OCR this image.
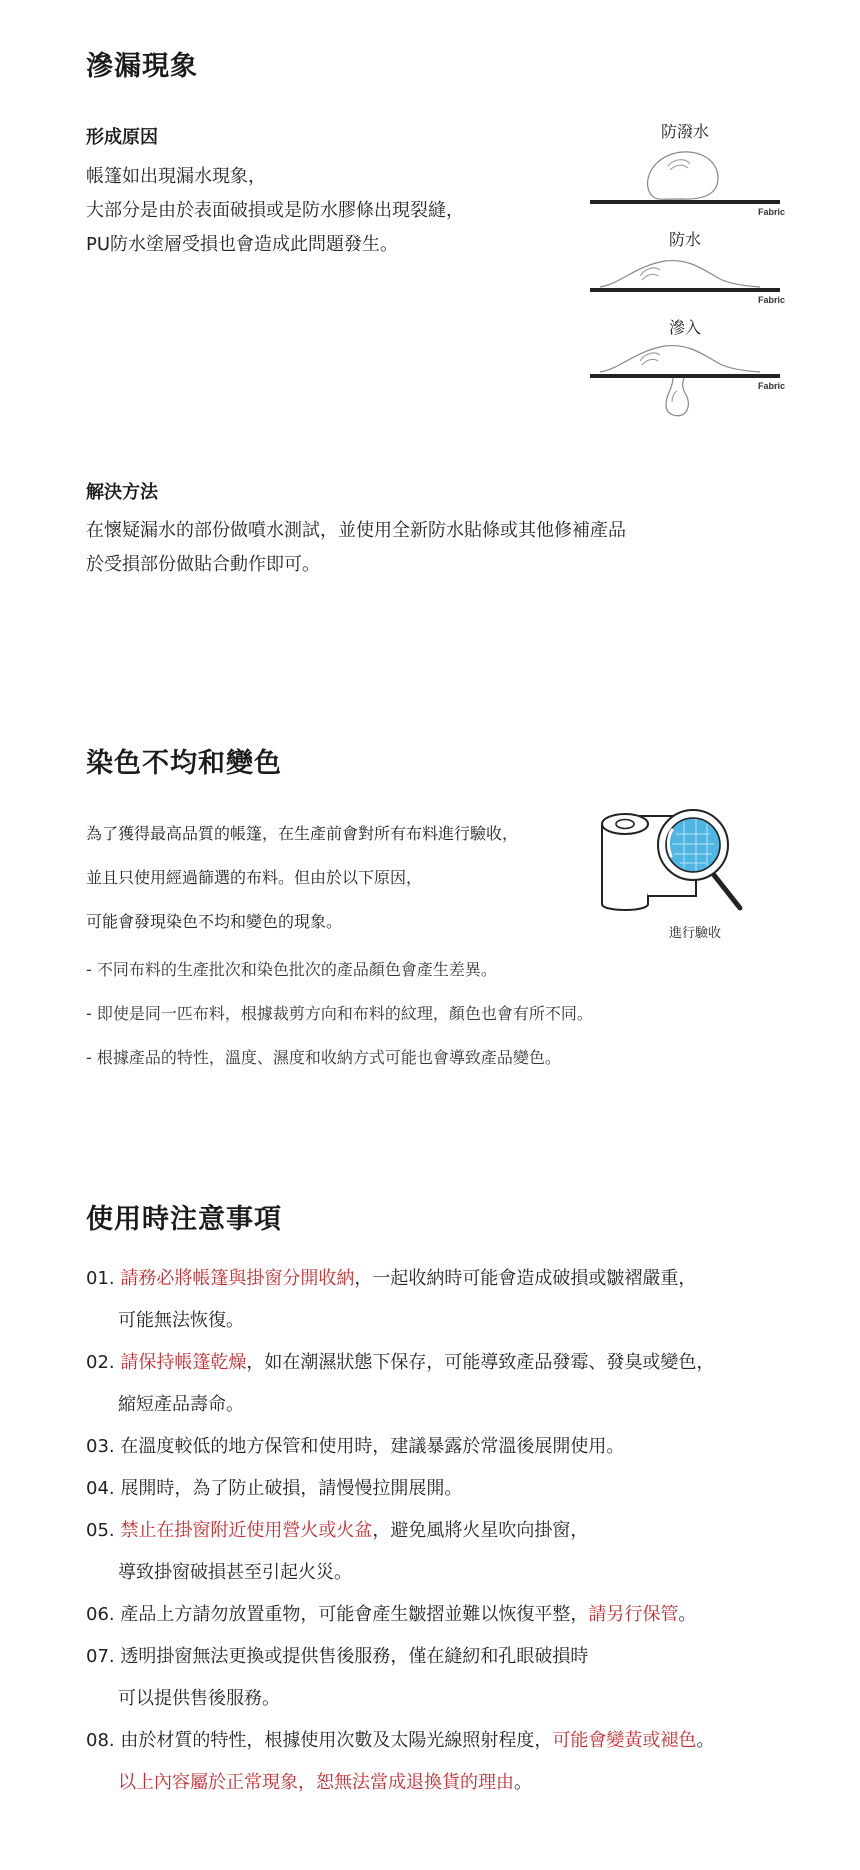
滲漏現象
形成原因
帳篷如出現漏水現象，
大部分是由於表面破損或是防水膠條出現裂縫，
PU防水塗層受損也會造成此問題發生。
防潑水
防水
滲入
Fabric
Fabric
Fabric
解決方法
在懷疑漏水的部份做噴水測試，並使用全新防水貼條或其他修補產品
於受損部份做貼合動作即可。
染色不均和變色
為了獲得最高品質的帳篷，在生產前會對所有布料進行驗收，
並且只使用經過篩選的布料。但由於以下原因，
可能會發現染色不均和變色的現象。
進行驗收
- 不同布料的生產批次和染色批次的產品顏色會產生差異。
- 即使是同一匹布料，根據裁剪方向和布料的紋理，顏色也會有所不同。
- 根據產品的特性，溫度、濕度和收納方式可能也會導致產品變色。
使用時注意事項
01. 請務必將帳篷與掛窗分開收納，一起收納時可能會造成破損或皺褶嚴重，
可能無法恢復。
02. 請保持帳篷乾燥，如在潮濕狀態下保存，可能導致產品發霉、發臭或變色，
縮短產品壽命。
03. 在溫度較低的地方保管和使用時，建議暴露於常溫後展開使用。
04. 展開時，為了防止破損，請慢慢拉開展開。
05. 禁止在掛窗附近使用營火或火盆，避免風將火星吹向掛窗，
導致掛窗破損甚至引起火災。
06. 產品上方請勿放置重物，可能會產生皺摺並難以恢復平整，請另行保管。
07. 透明掛窗無法更換或提供售後服務，僅在縫紉和孔眼破損時
可以提供售後服務。
08. 由於材質的特性，根據使用次數及太陽光線照射程度，可能會變黃或褪色。
以上內容屬於正常現象，恕無法當成退換貨的理由。
